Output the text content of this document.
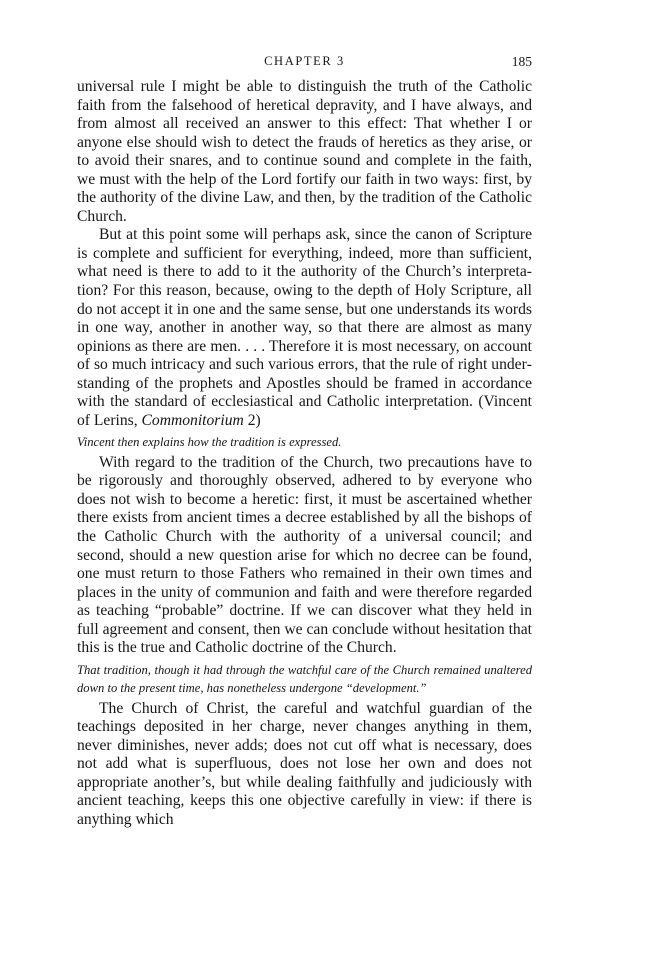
CHAPTER 3	185

universal rule I might be able to distinguish the truth of the Catholic faith from the falsehood of heretical depravity, and I have always, and from almost all received an answer to this effect: That whether I or anyone else should wish to detect the frauds of heretics as they arise, or to avoid their snares, and to continue sound and complete in the faith, we must with the help of the Lord fortify our faith in two ways: first, by the authority of the divine Law, and then, by the tradition of the Catholic Church.

But at this point some will perhaps ask, since the canon of Scripture is complete and sufficient for everything, indeed, more than sufficient, what need is there to add to it the authority of the Church’s interpretation? For this reason, because, owing to the depth of Holy Scripture, all do not accept it in one and the same sense, but one understands its words in one way, another in another way, so that there are almost as many opinions as there are men. . . . Therefore it is most necessary, on account of so much intricacy and such various errors, that the rule of right understanding of the prophets and Apostles should be framed in accordance with the standard of ecclesiastical and Catholic interpretation. (Vincent of Lerins, Commonitorium 2)

Vincent then explains how the tradition is expressed.

With regard to the tradition of the Church, two precautions have to be rigorously and thoroughly observed, adhered to by everyone who does not wish to become a heretic: first, it must be ascertained whether there exists from ancient times a decree established by all the bishops of the Catholic Church with the authority of a universal council; and second, should a new question arise for which no decree can be found, one must return to those Fathers who remained in their own times and places in the unity of communion and faith and were therefore regarded as teaching “probable” doctrine. If we can discover what they held in full agreement and consent, then we can conclude without hesitation that this is the true and Catholic doctrine of the Church.

That tradition, though it had through the watchful care of the Church remained unaltered down to the present time, has nonetheless undergone “development.”

The Church of Christ, the careful and watchful guardian of the teachings deposited in her charge, never changes anything in them, never diminishes, never adds; does not cut off what is necessary, does not add what is superfluous, does not lose her own and does not appropriate another’s, but while dealing faithfully and judiciously with ancient teaching, keeps this one objective carefully in view: if there is anything which
